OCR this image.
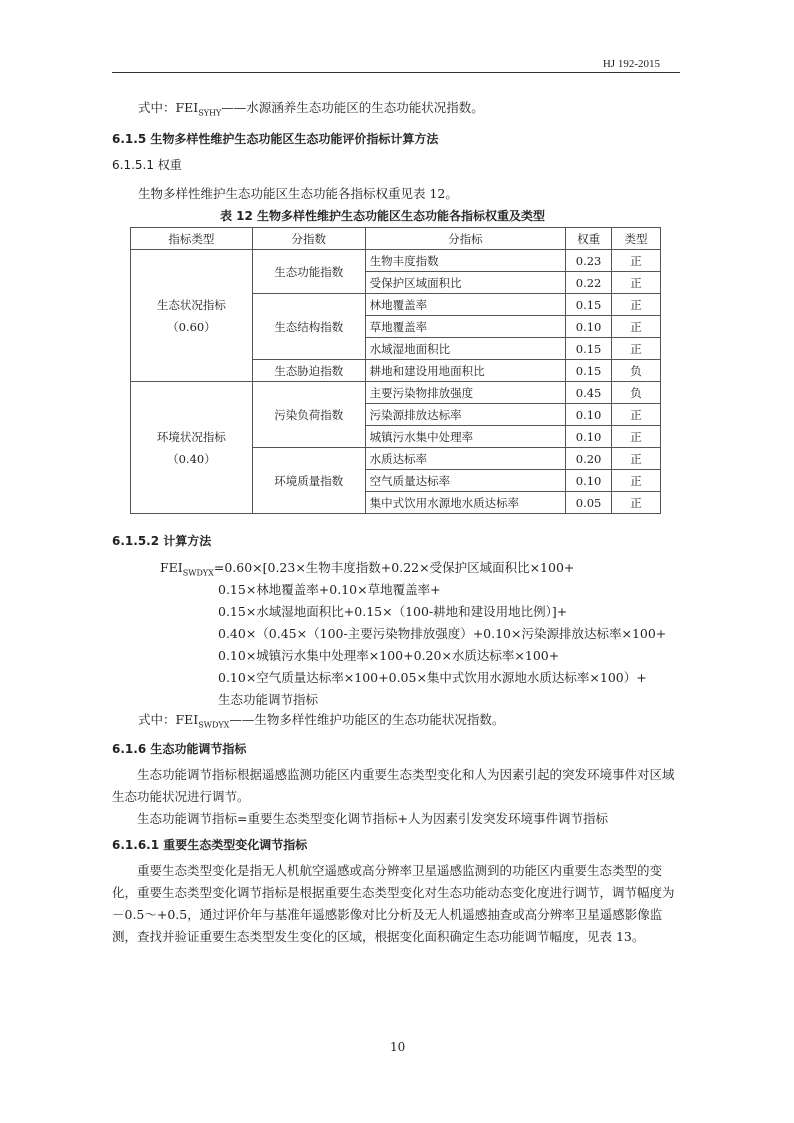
HJ 192-2015
式中：$FEI_{SYHY}——$水源涵养生态功能区的生态功能状况指数。
6.1.5 生物多样性维护生态功能区生态功能评价指标计算方法
6.1.5.1 权重
生物多样性维护生态功能区生态功能各指标权重见表 12。
表 12 生物多样性维护生态功能区生态功能各指标权重及类型
指标类型	分指数	分指标	权重	类型

生态状况指标
（0.60）	生态功能指数	生物丰度指数	0.23	正
		受保护区域面积比	0.22	正
	生态结构指数	林地覆盖率	0.15	正
		草地覆盖率	0.10	正
		水域湿地面积比	0.15	正
	生态胁迫指数	耕地和建设用地面积比	0.15	负

环境状况指标
（0.40）	污染负荷指数	主要污染物排放强度	0.45	负
		污染源排放达标率	0.10	正
		城镇污水集中处理率	0.10	正
	环境质量指数	水质达标率	0.20	正
		空气质量达标率	0.10	正
		集中式饮用水源地水质达标率	0.05	正
6.1.5.2 计算方法
$FEI_{SWDYX}=0.60\times[0.23\times$生物丰度指数+0.22×受保护区域面积比×100+
0.15×林地覆盖率+0.10×草地覆盖率+
0.15×水域湿地面积比+0.15×（100-耕地和建设用地比例）]+
0.40×（0.45×（100-主要污染物排放强度）+0.10×污染源排放达标率×100+
0.10×城镇污水集中处理率×100+0.20×水质达标率×100+
0.10×空气质量达标率×100+0.05×集中式饮用水源地水质达标率×100）+
生态功能调节指标
式中：$FEI_{SWDYX}——$生物多样性维护功能区的生态功能状况指数。
6.1.6 生态功能调节指标
生态功能调节指标根据遥感监测功能区内重要生态类型变化和人为因素引起的突发环境事件对区域生态功能状况进行调节。
生态功能调节指标=重要生态类型变化调节指标+人为因素引发突发环境事件调节指标
6.1.6.1 重要生态类型变化调节指标
重要生态类型变化是指无人机航空遥感或高分辨率卫星遥感监测到的功能区内重要生态类型的变化，重要生态类型变化调节指标是根据重要生态类型变化对生态功能动态变化度进行调节，调节幅度为－0.5～+0.5，通过评价年与基准年遥感影像对比分析及无人机遥感抽查或高分辨率卫星遥感影像监测，查找并验证重要生态类型发生变化的区域，根据变化面积确定生态功能调节幅度，见表 13。
10
